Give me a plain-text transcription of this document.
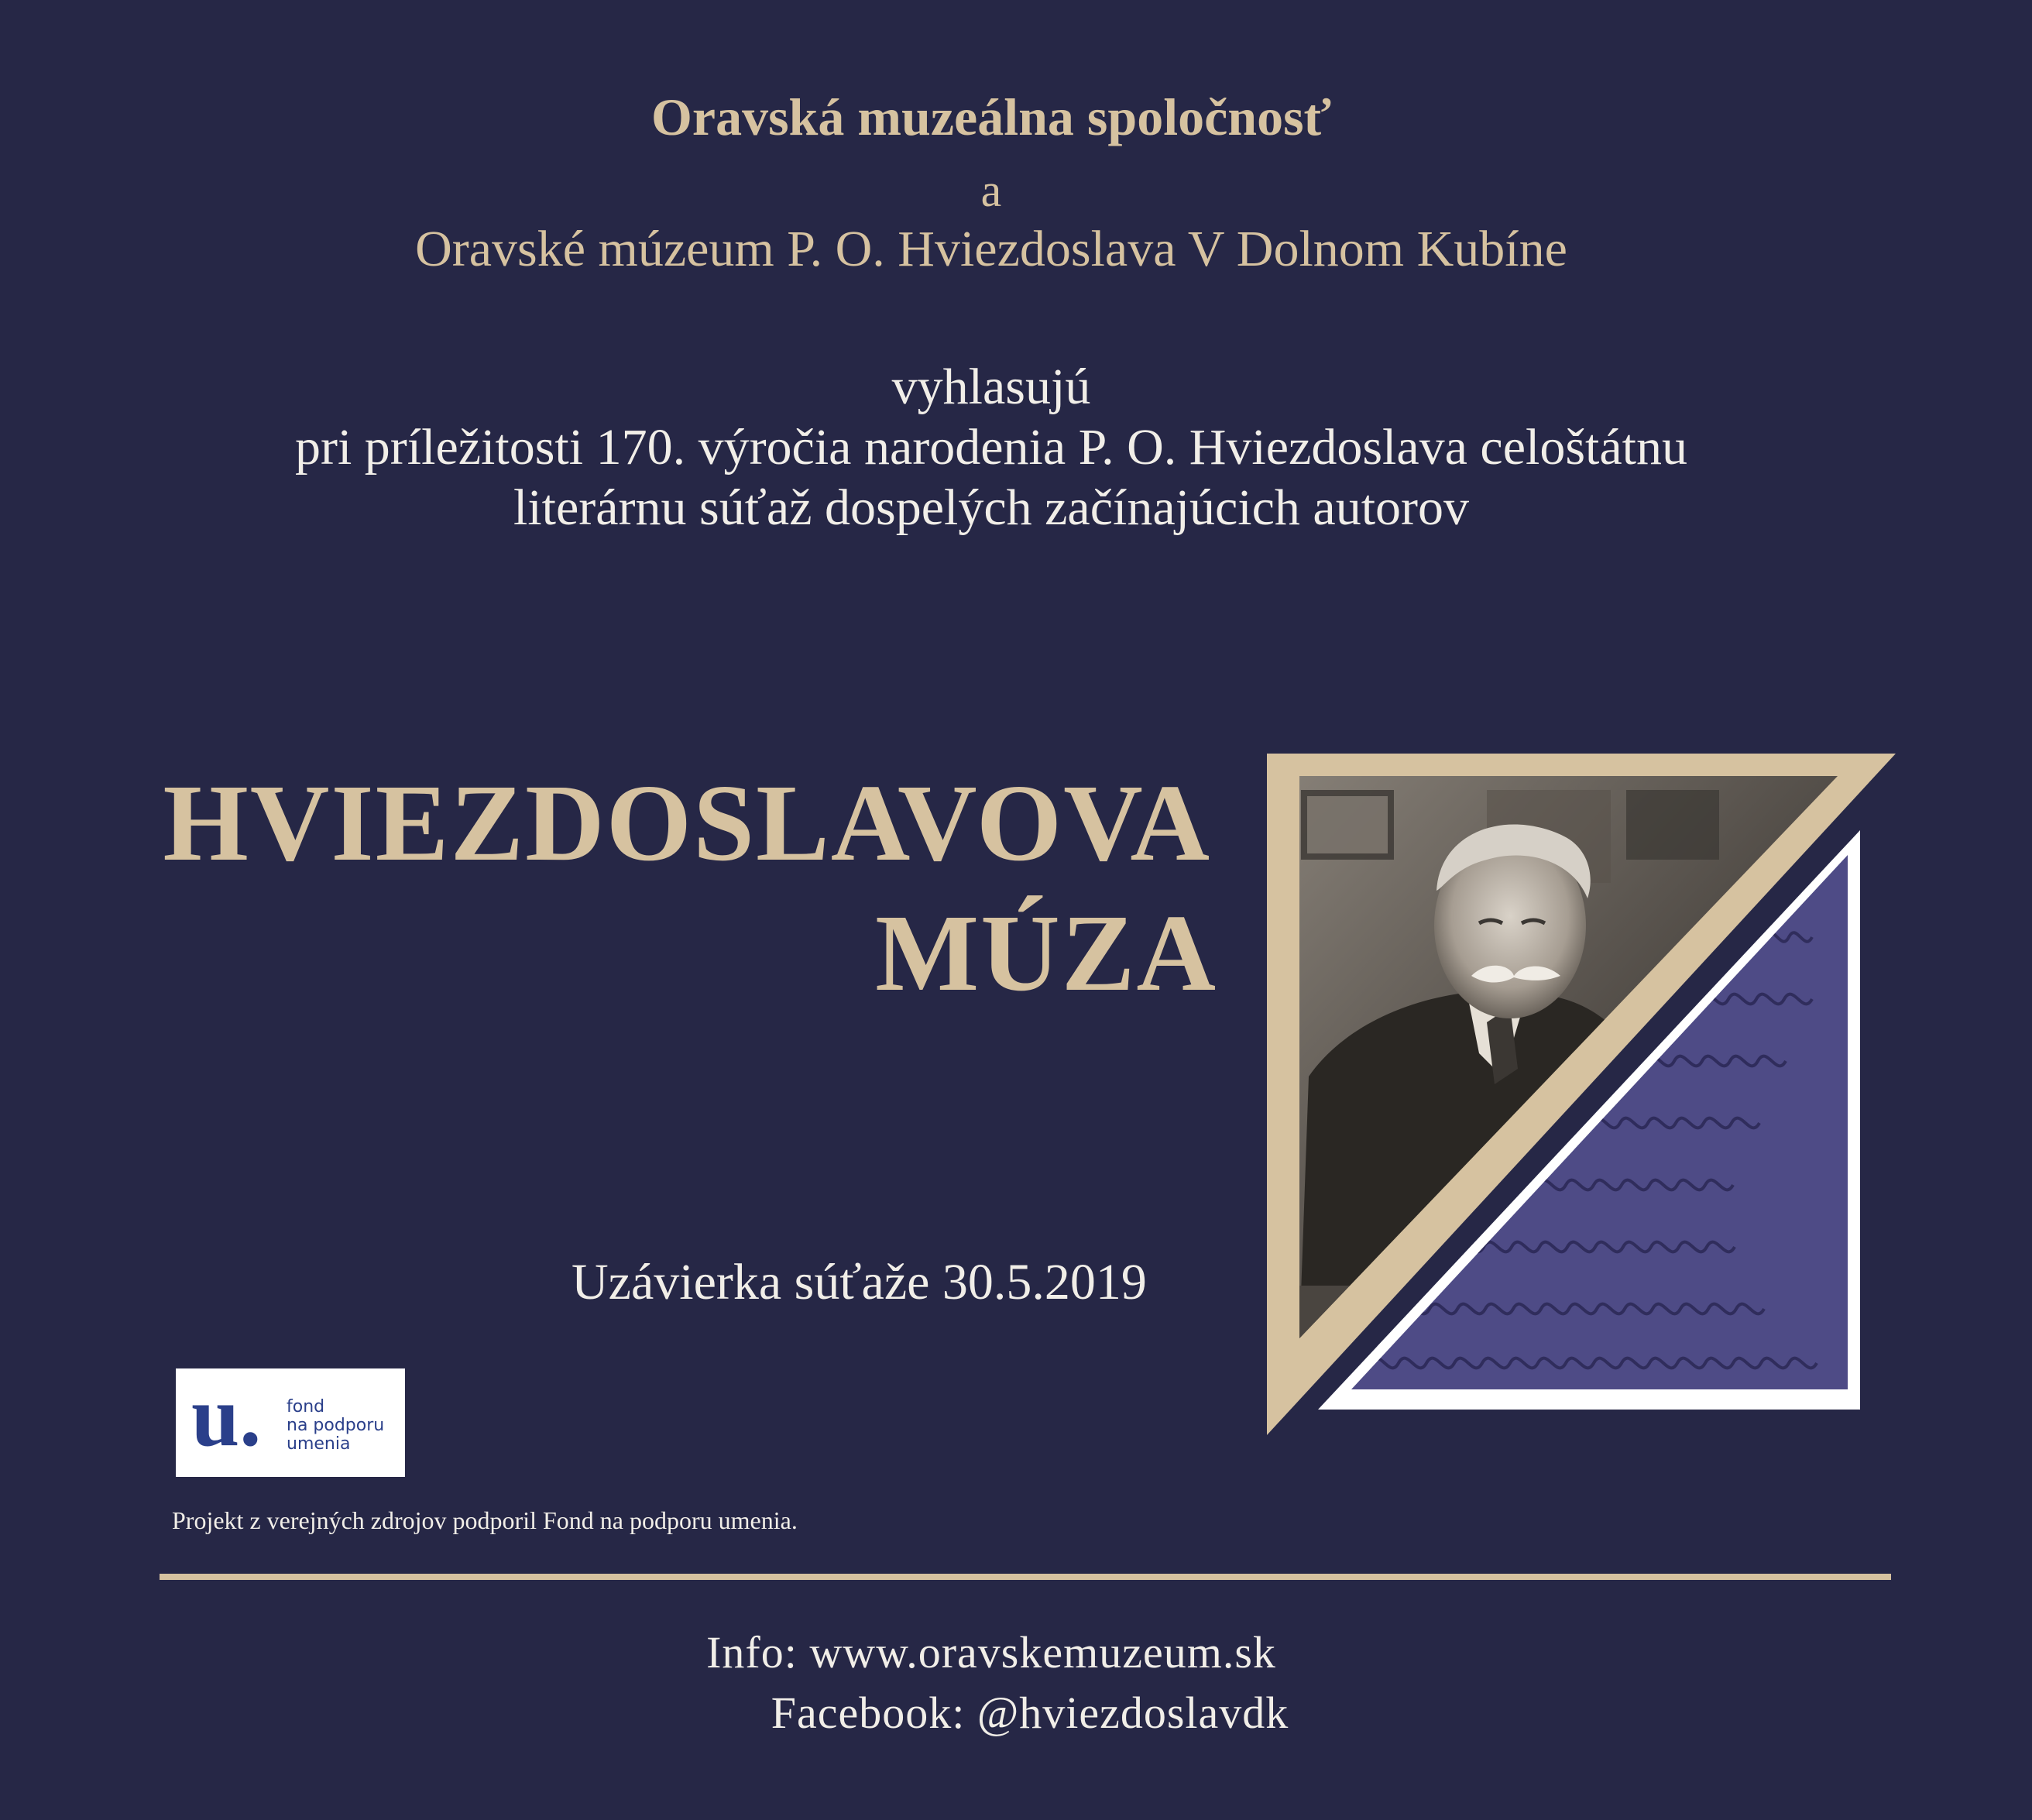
Oravská muzeálna spoločnosť
a
Oravské múzeum P. O. Hviezdoslava V Dolnom Kubíne
vyhlasujú
pri príležitosti 170. výročia narodenia P. O. Hviezdoslava celoštátnu
literárnu súťaž dospelých začínajúcich autorov
HVIEZDOSLAVOVA
MÚZA
Uzávierka súťaže 30.5.2019
u. fond
na podporu
umenia
Projekt z verejných zdrojov podporil Fond na podporu umenia.
Info: www.oravskemuzeum.sk
Facebook: @hviezdoslavdk
